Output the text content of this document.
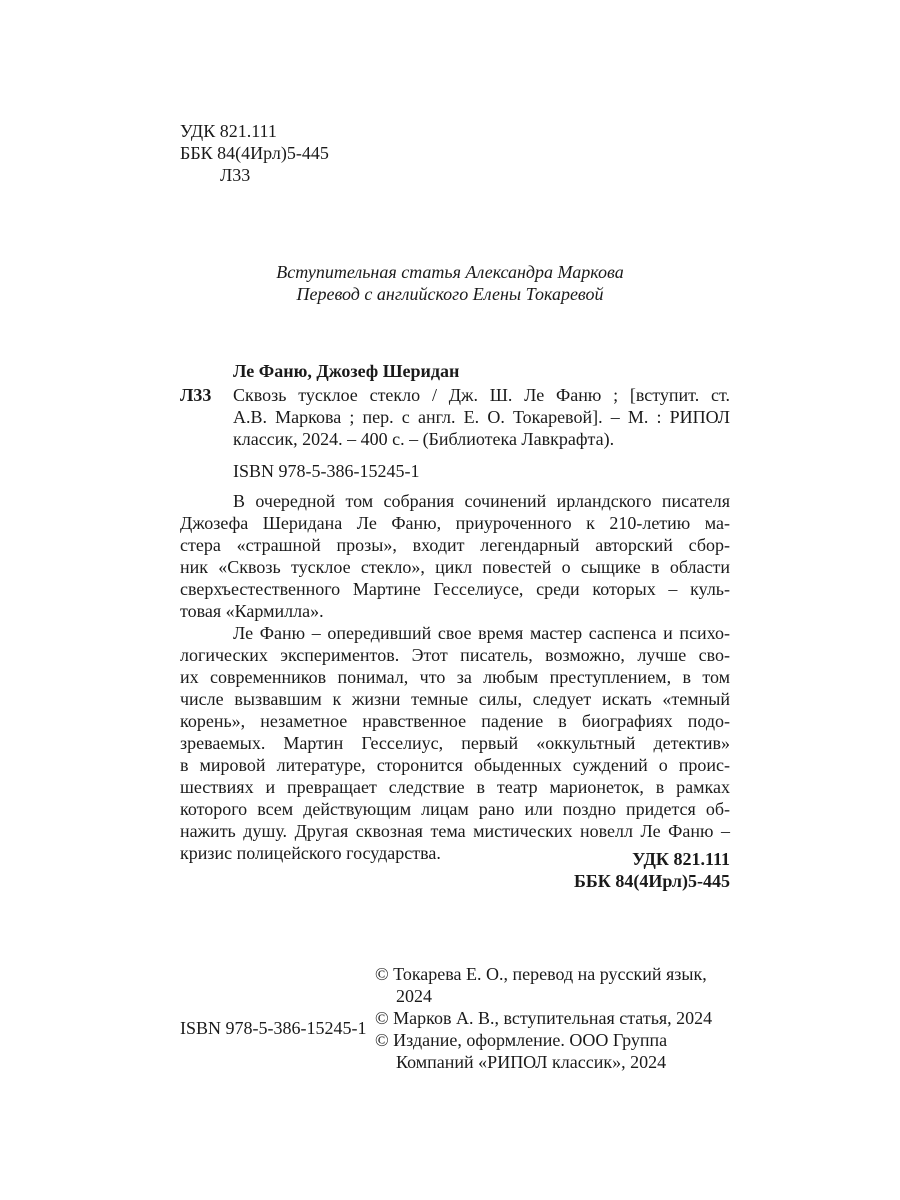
УДК 821.111
ББК 84(4Ирл)5-445
Л33
Вступительная статья Александра Маркова
Перевод с английского Елены Токаревой
Ле Фаню, Джозеф Шеридан
Л33 Сквозь тусклое стекло / Дж. Ш. Ле Фаню ; [вступит. ст.
А.В. Маркова ; пер. с англ. Е. О. Токаревой]. – М. : РИПОЛ
классик, 2024. – 400 с. – (Библиотека Лавкрафта).
ISBN 978-5-386-15245-1
В очередной том собрания сочинений ирландского писателя
Джозефа Шеридана Ле Фаню, приуроченного к 210-летию ма-
стера «страшной прозы», входит легендарный авторский сбор-
ник «Сквозь тусклое стекло», цикл повестей о сыщике в области
сверхъестественного Мартине Гесселиусе, среди которых – куль-
товая «Кармилла».
Ле Фаню – опередивший свое время мастер саспенса и психо-
логических экспериментов. Этот писатель, возможно, лучше сво-
их современников понимал, что за любым преступлением, в том
числе вызвавшим к жизни темные силы, следует искать «темный
корень», незаметное нравственное падение в биографиях подо-
зреваемых. Мартин Гесселиус, первый «оккультный детектив»
в мировой литературе, сторонится обыденных суждений о проис-
шествиях и превращает следствие в театр марионеток, в рамках
которого всем действующим лицам рано или поздно придется об-
нажить душу. Другая сквозная тема мистических новелл Ле Фаню –
кризис полицейского государства.	УДК 821.111
ББК 84(4Ирл)5-445
ISBN 978-5-386-15245-1
© Токарева Е. О., перевод на русский язык,
2024
© Марков А. В., вступительная статья, 2024
© Издание, оформление. ООО Группа
Компаний «РИПОЛ классик», 2024
